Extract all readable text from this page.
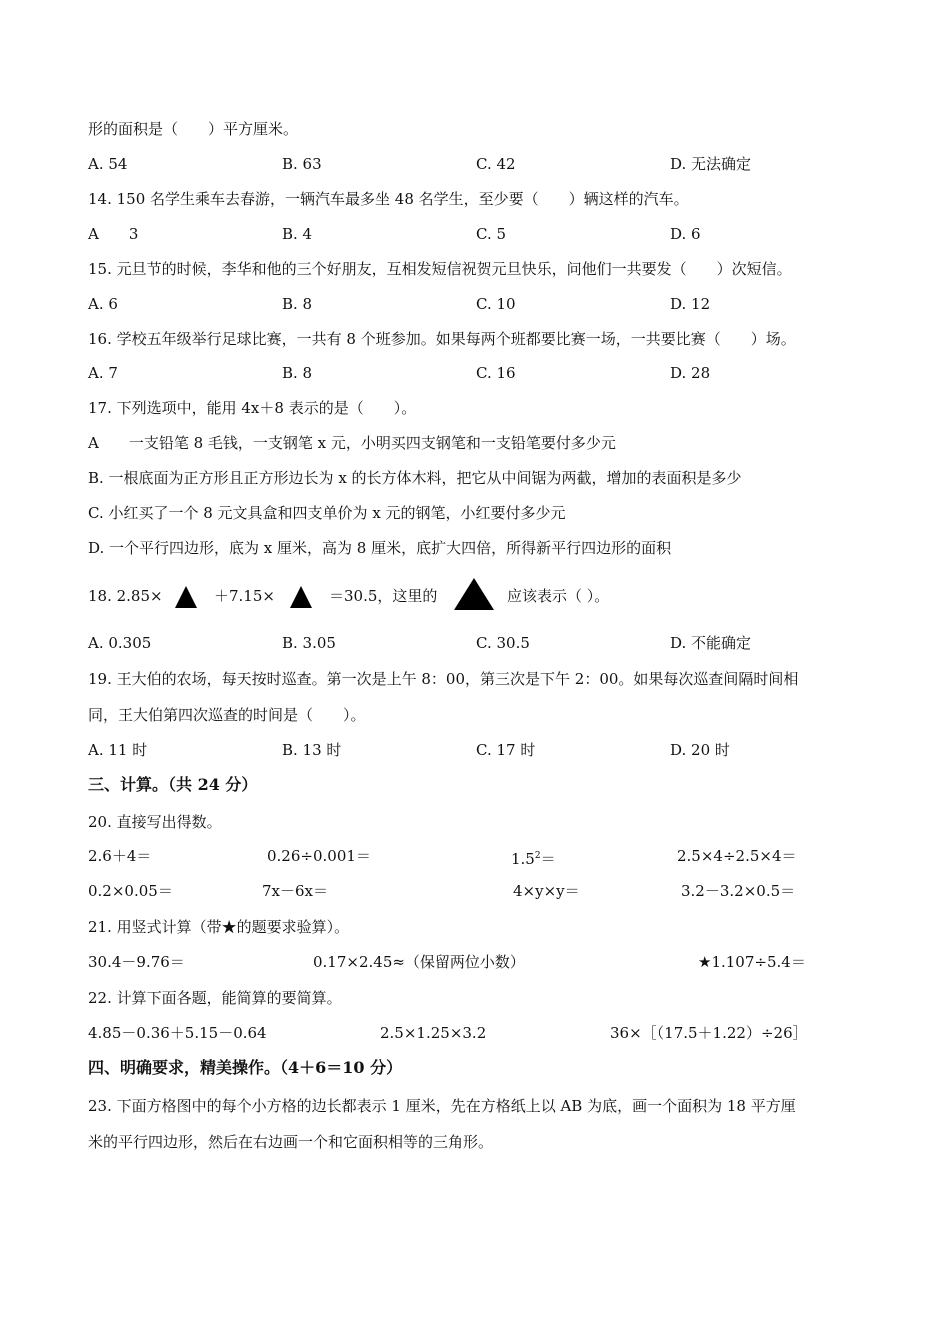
形的面积是（　　）平方厘米。
A. 54	B. 63	C. 42	D. 无法确定
14. 150 名学生乘车去春游，一辆汽车最多坐 48 名学生，至少要（　　）辆这样的汽车。
A　　3	B. 4	C. 5	D. 6
15. 元旦节的时候，李华和他的三个好朋友，互相发短信祝贺元旦快乐，问他们一共要发（　　）次短信。
A. 6	B. 8	C. 10	D. 12
16. 学校五年级举行足球比赛，一共有 8 个班参加。如果每两个班都要比赛一场，一共要比赛（　　）场。
A. 7	B. 8	C. 16	D. 28
17. 下列选项中，能用 4x＋8 表示的是（　　）。
A　　一支铅笔 8 毛钱，一支钢笔 x 元，小明买四支钢笔和一支铅笔要付多少元
B. 一根底面为正方形且正方形边长为 x 的长方体木料，把它从中间锯为两截，增加的表面积是多少
C. 小红买了一个 8 元文具盒和四支单价为 x 元的钢笔，小红要付多少元
D. 一个平行四边形，底为 x 厘米，高为 8 厘米，底扩大四倍，所得新平行四边形的面积
18. 2.85×	＋7.15×	＝30.5，这里的	应该表示（ ）。
A. 0.305	B. 3.05	C. 30.5	D. 不能确定
19. 王大伯的农场，每天按时巡查。第一次是上午 8：00，第三次是下午 2：00。如果每次巡查间隔时间相
同，王大伯第四次巡查的时间是（　　）。
A. 11 时	B. 13 时	C. 17 时	D. 20 时
三、计算。（共 24 分）
20. 直接写出得数。
2.6＋4＝	0.26÷0.001＝	$1.5^2=$	2.5×4÷2.5×4＝
0.2×0.05＝	7x－6x＝	4×y×y＝	3.2－3.2×0.5＝
21. 用竖式计算（带★的题要求验算）。
30.4－9.76＝	0.17×2.45≈（保留两位小数）	★1.107÷5.4＝
22. 计算下面各题，能简算的要简算。
4.85－0.36＋5.15－0.64	2.5×1.25×3.2	36×［（17.5＋1.22）÷26］
四、明确要求，精美操作。（4＋6＝10 分）
23. 下面方格图中的每个小方格的边长都表示 1 厘米，先在方格纸上以 AB 为底，画一个面积为 18 平方厘
米的平行四边形，然后在右边画一个和它面积相等的三角形。
